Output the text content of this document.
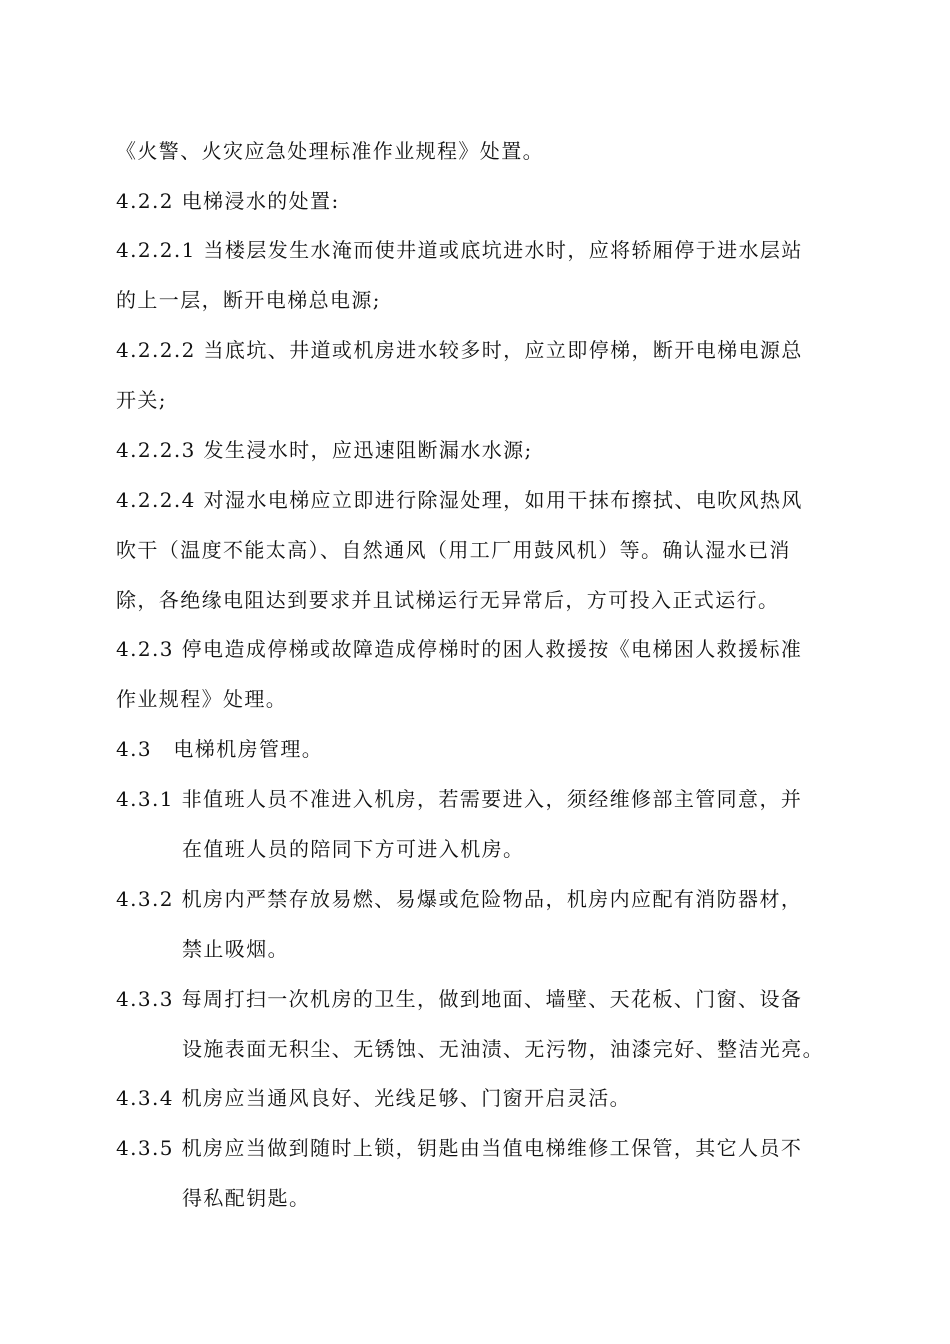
《火警、火灾应急处理标准作业规程》处置。
4.2.2 电梯浸水的处置:
4.2.2.1 当楼层发生水淹而使井道或底坑进水时，应将轿厢停于进水层站
的上一层，断开电梯总电源;
4.2.2.2 当底坑、井道或机房进水较多时，应立即停梯，断开电梯电源总
开关;
4.2.2.3 发生浸水时，应迅速阻断漏水水源;
4.2.2.4 对湿水电梯应立即进行除湿处理，如用干抹布擦拭、电吹风热风
吹干（温度不能太高）、自然通风（用工厂用鼓风机）等。确认湿水已消
除，各绝缘电阻达到要求并且试梯运行无异常后，方可投入正式运行。
4.2.3 停电造成停梯或故障造成停梯时的困人救援按《电梯困人救援标准
作业规程》处理。
4.3　电梯机房管理。
4.3.1 非值班人员不准进入机房，若需要进入，须经维修部主管同意，并
在值班人员的陪同下方可进入机房。
4.3.2 机房内严禁存放易燃、易爆或危险物品，机房内应配有消防器材，
禁止吸烟。
4.3.3 每周打扫一次机房的卫生，做到地面、墙壁、天花板、门窗、设备
设施表面无积尘、无锈蚀、无油渍、无污物，油漆完好、整洁光亮。
4.3.4 机房应当通风良好、光线足够、门窗开启灵活。
4.3.5 机房应当做到随时上锁，钥匙由当值电梯维修工保管，其它人员不
得私配钥匙。
